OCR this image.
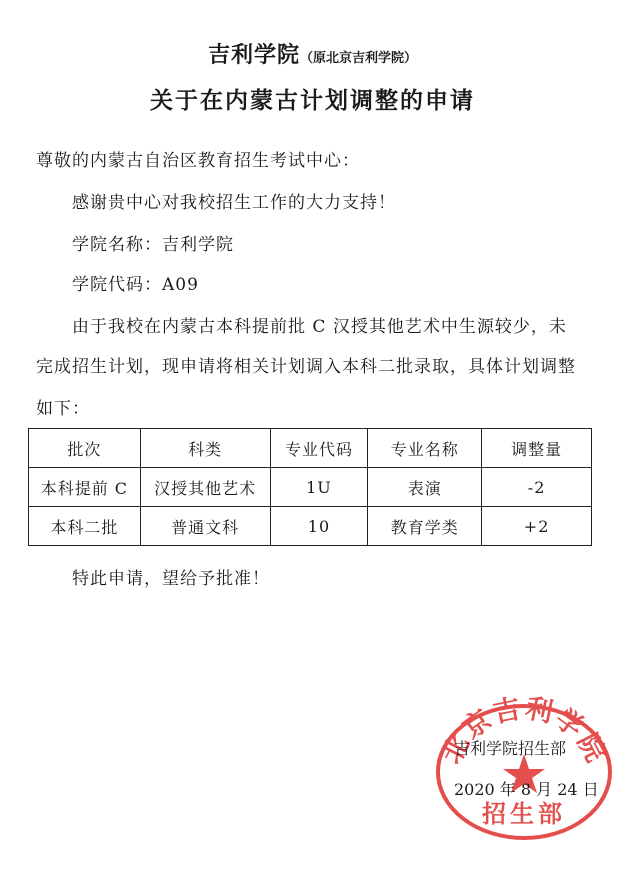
吉利学院（原北京吉利学院）
关于在内蒙古计划调整的申请
尊敬的内蒙古自治区教育招生考试中心：
感谢贵中心对我校招生工作的大力支持！
学院名称：吉利学院
学院代码：A09
由于我校在内蒙古本科提前批 C 汉授其他艺术中生源较少，未
完成招生计划，现申请将相关计划调入本科二批录取，具体计划调整
如下：
批次	科类	专业代码	专业名称	调整量
本科提前 C	汉授其他艺术	1U	表演	-2
本科二批	普通文科	10	教育学类	+2
特此申请，望给予批准！
北京吉利学院
招生部
吉利学院招生部
2020 年 8 月 24 日
